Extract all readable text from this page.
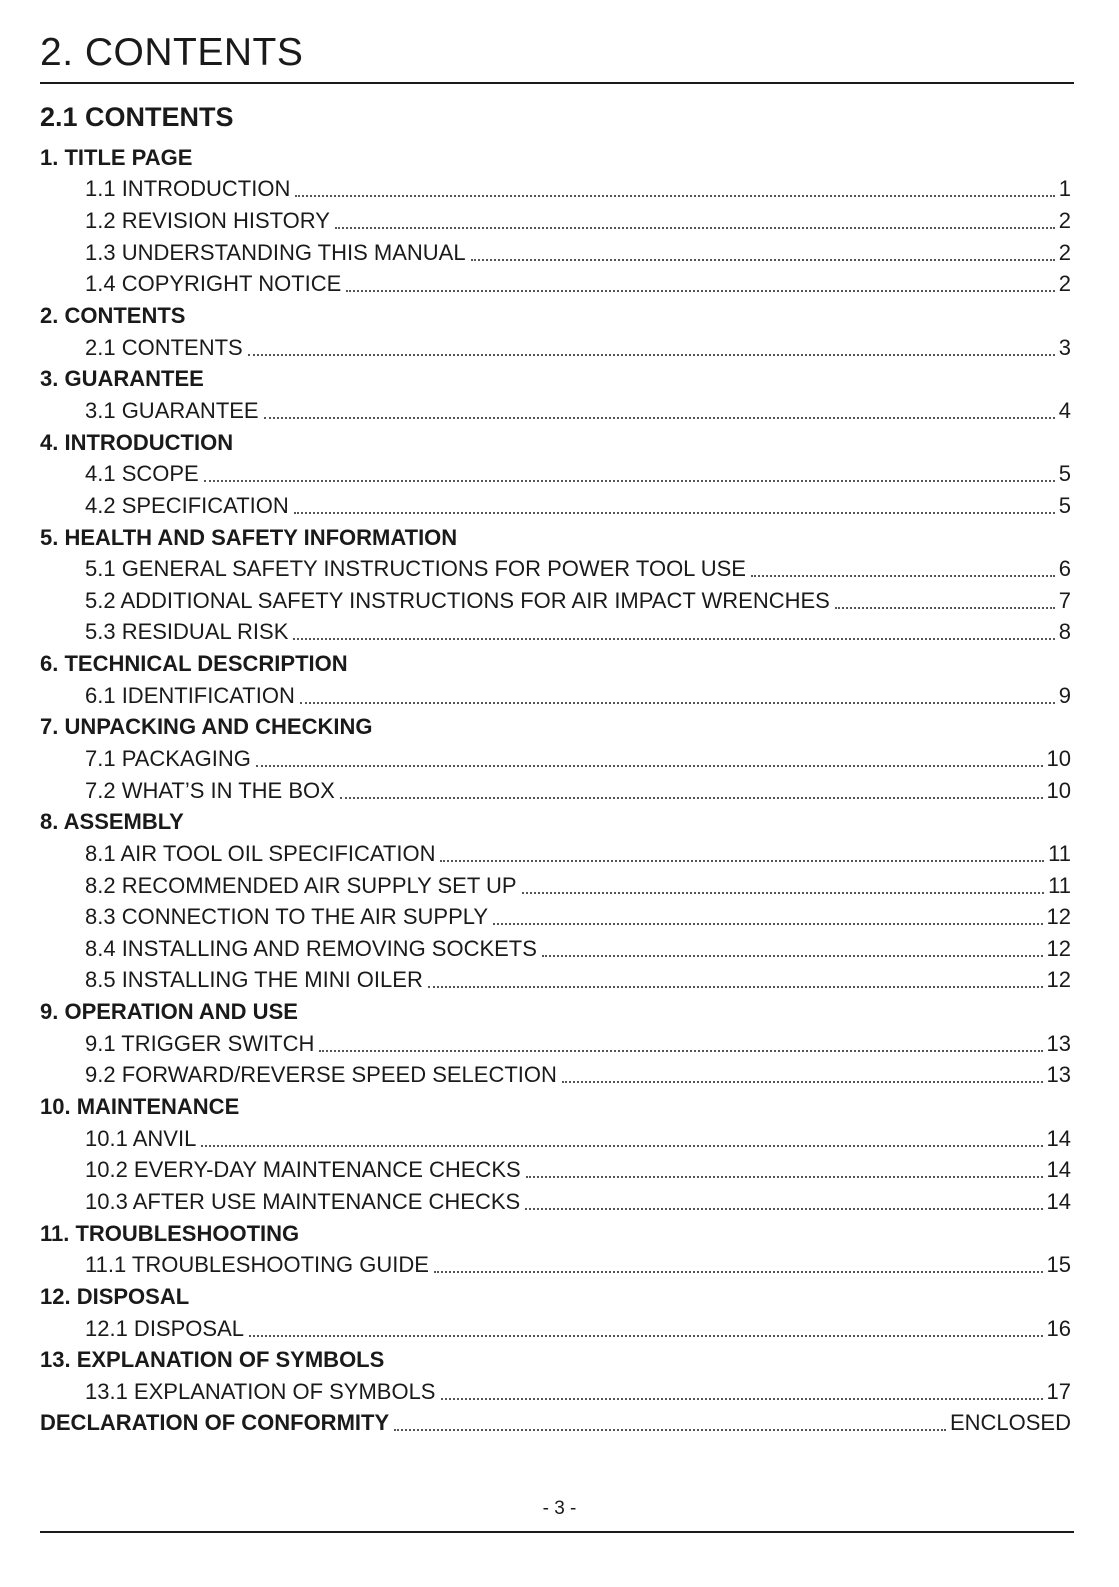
2. CONTENTS
2.1 CONTENTS
1. TITLE PAGE
1.1 INTRODUCTION	1
1.2 REVISION HISTORY	2
1.3 UNDERSTANDING THIS MANUAL	2
1.4 COPYRIGHT NOTICE	2
2. CONTENTS
2.1 CONTENTS	3
3. GUARANTEE
3.1 GUARANTEE	4
4. INTRODUCTION
4.1 SCOPE	5
4.2 SPECIFICATION	5
5. HEALTH AND SAFETY INFORMATION
5.1 GENERAL SAFETY INSTRUCTIONS FOR POWER TOOL USE	6
5.2 ADDITIONAL SAFETY INSTRUCTIONS FOR AIR IMPACT WRENCHES	7
5.3 RESIDUAL RISK	8
6. TECHNICAL DESCRIPTION
6.1 IDENTIFICATION	9
7. UNPACKING AND CHECKING
7.1 PACKAGING	10
7.2 WHAT’S IN THE BOX	10
8. ASSEMBLY
8.1 AIR TOOL OIL SPECIFICATION	11
8.2 RECOMMENDED AIR SUPPLY SET UP	11
8.3 CONNECTION TO THE AIR SUPPLY	12
8.4 INSTALLING AND REMOVING SOCKETS	12
8.5 INSTALLING THE MINI OILER	12
9. OPERATION AND USE
9.1 TRIGGER SWITCH	13
9.2 FORWARD/REVERSE SPEED SELECTION	13
10. MAINTENANCE
10.1 ANVIL	14
10.2 EVERY-DAY MAINTENANCE CHECKS	14
10.3 AFTER USE MAINTENANCE CHECKS	14
11. TROUBLESHOOTING
11.1 TROUBLESHOOTING GUIDE	15
12. DISPOSAL
12.1 DISPOSAL	16
13. EXPLANATION OF SYMBOLS
13.1 EXPLANATION OF SYMBOLS	17
DECLARATION OF CONFORMITY	ENCLOSED
- 3 -
